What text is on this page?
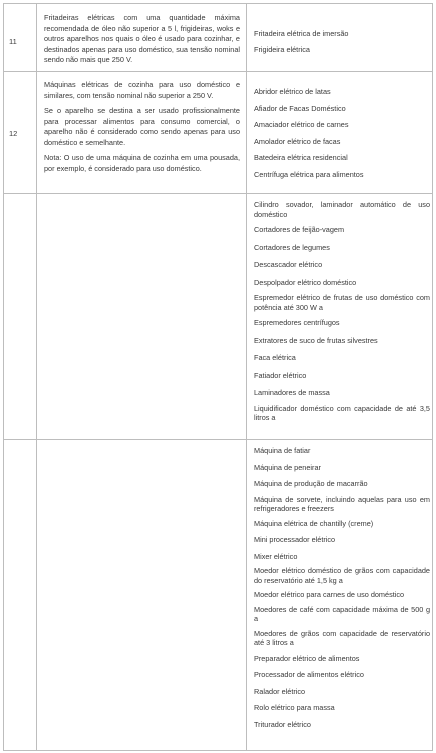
11
Fritadeiras elétricas com uma quantidade máxima recomendada de óleo não superior a 5 l, frigideiras, woks e outros aparelhos nos quais o óleo é usado para cozinhar, e destinados apenas para uso doméstico, sua tensão nominal sendo não mais que 250 V.
Fritadeira elétrica de imersão
Frigideira elétrica
12

Máquinas elétricas de cozinha para uso doméstico e similares, com tensão nominal não superior a 250 V.

Se o aparelho se destina a ser usado profissionalmente para processar alimentos para consumo comercial, o aparelho não é considerado como sendo apenas para uso doméstico e semelhante.

Nota: O uso de uma máquina de cozinha em uma pousada, por exemplo, é considerado para uso doméstico.

Abridor elétrico de latas
Afiador de Facas Doméstico
Amaciador elétrico de carnes
Amolador elétrico de facas
Batedeira elétrica residencial
Centrífuga elétrica para alimentos
Cilindro sovador, laminador automático de uso doméstico
Cortadores de feijão-vagem
Cortadores de legumes
Descascador elétrico
Despolpador elétrico doméstico
Espremedor elétrico de frutas de uso doméstico com potência até 300 W a
Espremedores centrífugos
Extratores de suco de frutas silvestres
Faca elétrica
Fatiador elétrico
Laminadores de massa
Liquidificador doméstico com capacidade de até 3,5 litros a
Máquina de fatiar
Máquina de peneirar
Máquina de produção de macarrão
Máquina de sorvete, incluindo aquelas para uso em refrigeradores e freezers
Máquina elétrica de chantilly (creme)
Mini processador elétrico
Mixer elétrico
Moedor elétrico doméstico de grãos com capacidade do reservatório até 1,5 kg a
Moedor elétrico para carnes de uso doméstico
Moedores de café com capacidade máxima de 500 g a
Moedores de grãos com capacidade de reservatório até 3 litros a
Preparador elétrico de alimentos
Processador de alimentos elétrico
Ralador elétrico
Rolo elétrico para massa
Triturador elétrico
